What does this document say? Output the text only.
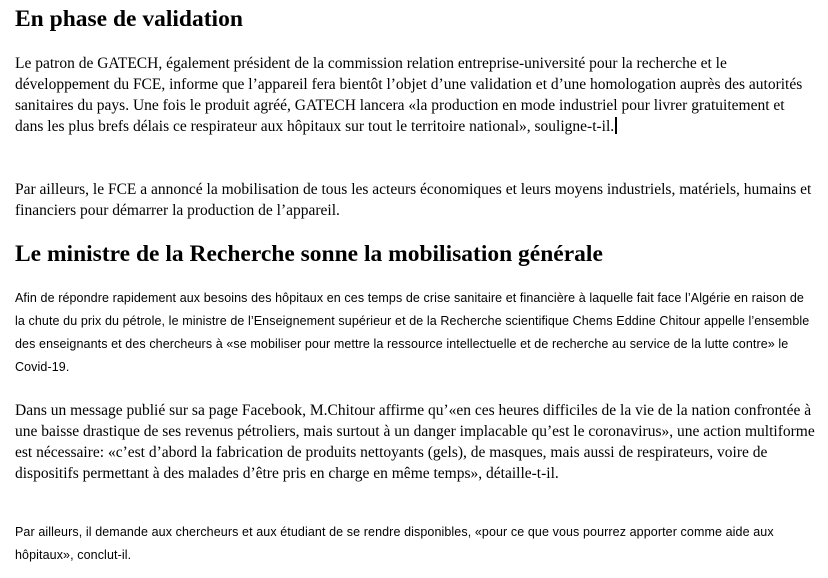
En phase de validation

Le patron de GATECH, également président de la commission relation entreprise-université pour la recherche et le développement du FCE, informe que l’appareil fera bientôt l’objet d’une validation et d’une homologation auprès des autorités sanitaires du pays. Une fois le produit agréé, GATECH lancera «la production en mode industriel pour livrer gratuitement et dans les plus brefs délais ce respirateur aux hôpitaux sur tout le territoire national», souligne-t-il.

Par ailleurs, le FCE a annoncé la mobilisation de tous les acteurs économiques et leurs moyens industriels, matériels, humains et financiers pour démarrer la production de l’appareil.

Le ministre de la Recherche sonne la mobilisation générale

Afin de répondre rapidement aux besoins des hôpitaux en ces temps de crise sanitaire et financière à laquelle fait face l’Algérie en raison de la chute du prix du pétrole, le ministre de l’Enseignement supérieur et de la Recherche scientifique Chems Eddine Chitour appelle l’ensemble des enseignants et des chercheurs à «se mobiliser pour mettre la ressource intellectuelle et de recherche au service de la lutte contre» le Covid-19.

Dans un message publié sur sa page Facebook, M.Chitour affirme qu’«en ces heures difficiles de la vie de la nation confrontée à une baisse drastique de ses revenus pétroliers, mais surtout à un danger implacable qu’est le coronavirus», une action multiforme est nécessaire: «c’est d’abord la fabrication de produits nettoyants (gels), de masques, mais aussi de respirateurs, voire de dispositifs permettant à des malades d’être pris en charge en même temps», détaille-t-il.

Par ailleurs, il demande aux chercheurs et aux étudiant de se rendre disponibles, «pour ce que vous pourrez apporter comme aide aux hôpitaux», conclut-il.
